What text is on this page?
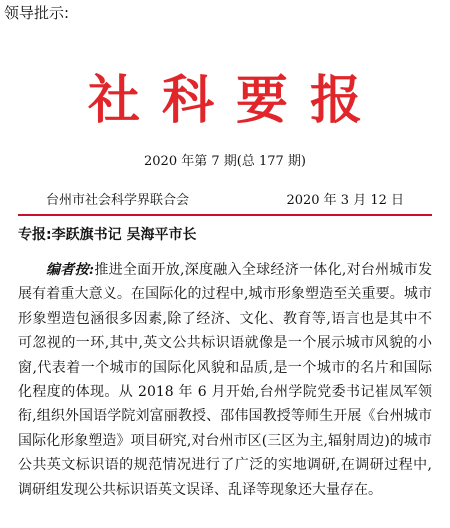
领导批示:
社科要报
2020 年第 7 期(总 177 期)
台州市社会科学界联合会	2020 年 3 月 12 日
专报:李跃旗书记 吴海平市长
编者按:推进全面开放,深度融入全球经济一体化,对台州城市发展有着重大意义。在国际化的过程中,城市形象塑造至关重要。城市形象塑造包涵很多因素,除了经济、文化、教育等,语言也是其中不可忽视的一环,其中,英文公共标识语就像是一个展示城市风貌的小窗,代表着一个城市的国际化风貌和品质,是一个城市的名片和国际化程度的体现。从 2018 年 6 月开始,台州学院党委书记崔凤军领衔,组织外国语学院刘富丽教授、邵伟国教授等师生开展《台州城市国际化形象塑造》项目研究,对台州市区(三区为主,辐射周边)的城市公共英文标识语的规范情况进行了广泛的实地调研,在调研过程中,调研组发现公共标识语英文误译、乱译等现象还大量存在。
